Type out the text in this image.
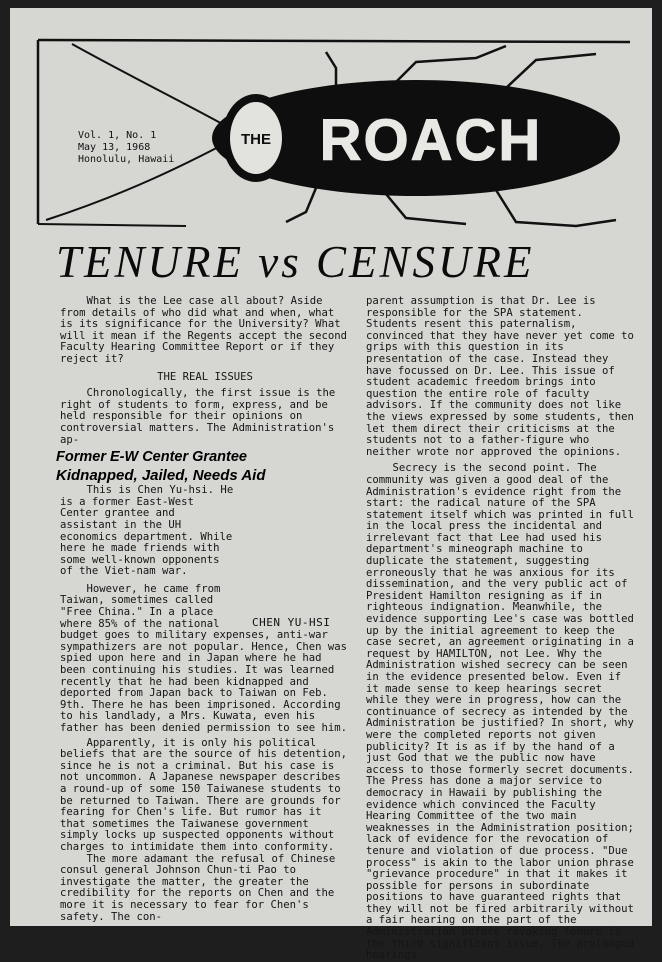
THE ROACH
Vol. 1, No. 1
May 13, 1968
Honolulu, Hawaii
TENURE vs CENSURE

What is the Lee case all about? Aside from details of who did what and when, what is its significance for the University? What will it mean if the Regents accept the second Faculty Hearing Committee Report or if they reject it?

THE REAL ISSUES

Chronologically, the first issue is the right of students to form, express, and be held responsible for their opinions on controversial matters. The Administration's ap-

Former E-W Center Grantee
Kidnapped, Jailed, Needs Aid

This is Chen Yu-hsi. He is a former East-West Center grantee and assistant in the UH economics department. While here he made friends with some well-known opponents of the Viet-nam war.

However, he came from Taiwan, sometimes called "Free China." In a place where 85% of the national

budget goes to military expenses, anti-war sympathizers are not popular. Hence, Chen was spied upon here and in Japan where he had been continuing his studies. It was learned recently that he had been kidnapped and deported from Japan back to Taiwan on Feb. 9th. There he has been imprisoned. According to his landlady, a Mrs. Kuwata, even his father has been denied permission to see him.

Apparently, it is only his political beliefs that are the source of his detention, since he is not a criminal. But his case is not uncommon. A Japanese newspaper describes a round-up of some 150 Taiwanese students to be returned to Taiwan. There are grounds for fearing for Chen's life. But rumor has it that sometimes the Taiwanese government simply locks up suspected opponents without charges to intimidate them into conformity.

The more adamant the refusal of Chinese consul general Johnson Chun-ti Pao to investigate the matter, the greater the credibility for the reports on Chen and the more it is necessary to fear for Chen's safety. The con-

CHEN YU-HSI

parent assumption is that Dr. Lee is responsible for the SPA statement. Students resent this paternalism, convinced that they have never yet come to grips with this question in its presentation of the case. Instead they have focussed on Dr. Lee. This issue of student academic freedom brings into question the entire role of faculty advisors. If the community does not like the views expressed by some students, then let them direct their criticisms at the students not to a father-figure who neither wrote nor approved the opinions.

Secrecy is the second point. The community was given a good deal of the Administration's evidence right from the start: the radical nature of the SPA statement itself which was printed in full in the local press the incidental and irrelevant fact that Lee had used his department's mineograph machine to duplicate the statement, suggesting erroneously that he was anxious for its dissemination, and the very public act of President Hamilton resigning as if in righteous indignation. Meanwhile, the evidence supporting Lee's case was bottled up by the initial agreement to keep the case secret, an agreement originating in a request by HAMILTON, not Lee. Why the Administration wished secrecy can be seen in the evidence presented below. Even if it made sense to keep hearings secret while they were in progress, how can the continuance of secrecy as intended by the Administration be justified? In short, why were the completed reports not given publicity? It is as if by the hand of a just God that we the public now have access to those formerly secret documents. The Press has done a major service to democracy in Hawaii by publishing the evidence which convinced the Faculty Hearing Committee of the two main weaknesses in the Administration position; lack of evidence for the revocation of tenure and violation of due process. "Due process" is akin to the labor union phrase "grievance procedure" in that it makes it possible for persons in subordinate positions to have guaranteed rights that they will not be fired arbitrarily without a fair hearing on the part of the Administration before revoking tenure is the third significant issue. The prolonged hearings
